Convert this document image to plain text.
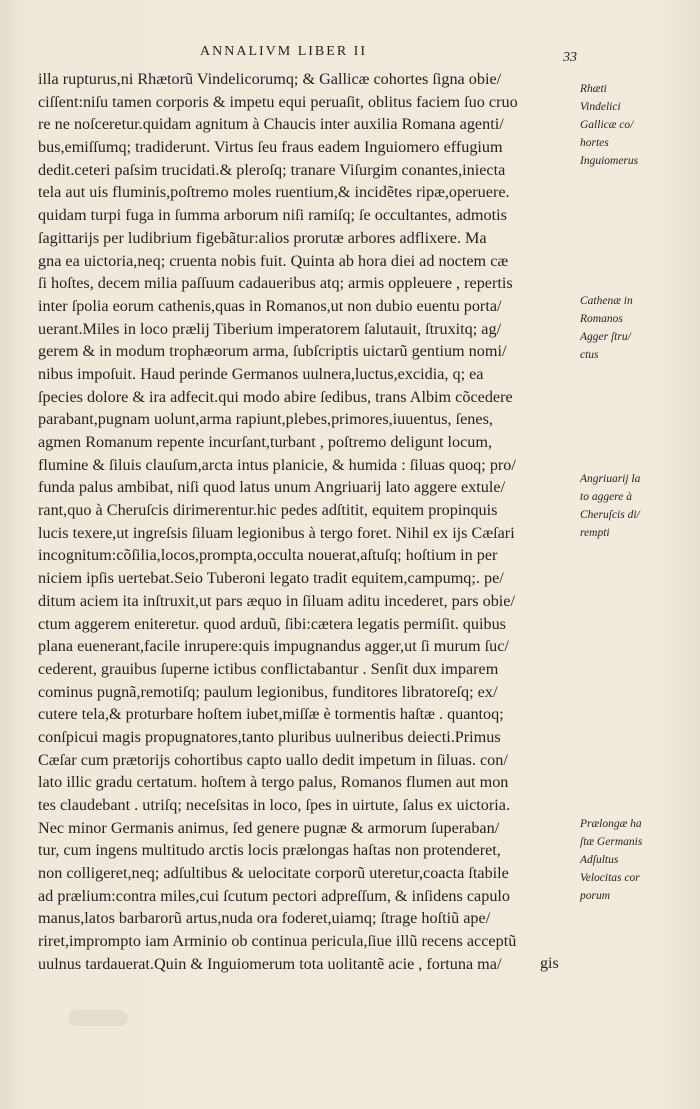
ANNALIVM LIBER II	33
illa rupturus,ni Rhætorũ Vindelicorumq; & Gallicæ cohortes ſigna obie/
ciſſent:niſu tamen corporis & impetu equi peruaſit, oblitus faciem ſuo cruo
re ne noſceretur.quidam agnitum à Chaucis inter auxilia Romana agenti/
bus,emiſſumq; tradiderunt. Virtus ſeu fraus eadem Inguiomero effugium
dedit.ceteri paſsim trucidati.& pleroſq; tranare Viſurgim conantes,iniecta
tela aut uis fluminis,poſtremo moles ruentium,& incidẽtes ripæ,operuere.
quidam turpi fuga in ſumma arborum niſi ramiſq; ſe occultantes, admotis
ſagittarijs per ludibrium figebãtur:alios prorutæ arbores adflixere. Ma
gna ea uictoria,neq; cruenta nobis fuit. Quinta ab hora diei ad noctem cæ
ſi hoſtes, decem milia paſſuum cadaueribus atq; armis oppleuere , repertis
inter ſpolia eorum cathenis,quas in Romanos,ut non dubio euentu porta/
uerant.Miles in loco prælij Tiberium imperatorem ſalutauit, ſtruxitq; ag/
gerem & in modum trophæorum arma, ſubſcriptis uictarũ gentium nomi/
nibus impoſuit. Haud perinde Germanos uulnera,luctus,excidia, q; ea
ſpecies dolore & ira adfecit.qui modo abire ſedibus, trans Albim cõcedere
parabant,pugnam uolunt,arma rapiunt,plebes,primores,iuuentus, ſenes,
agmen Romanum repente incurſant,turbant , poſtremo deligunt locum,
flumine & ſiluis clauſum,arcta intus planicie, & humida : ſiluas quoq; pro/
funda palus ambibat, niſi quod latus unum Angriuarij lato aggere extule/
rant,quo à Cheruſcis dirimerentur.hic pedes adſtitit, equitem propinquis
lucis texere,ut ingreſsis ſiluam legionibus à tergo foret. Nihil ex ijs Cæſari
incognitum:cõſilia,locos,prompta,occulta nouerat,aſtuſq; hoſtium in per
niciem ipſis uertebat.Seio Tuberoni legato tradit equitem,campumq;. pe/
ditum aciem ita inſtruxit,ut pars æquo in ſiluam aditu incederet, pars obie/
ctum aggerem eniteretur. quod arduũ, ſibi:cætera legatis permiſit. quibus
plana euenerant,facile inrupere:quis impugnandus agger,ut ſi murum ſuc/
cederent, grauibus ſuperne ictibus conflictabantur . Senſit dux imparem
cominus pugnã,remotiſq; paulum legionibus, funditores libratoreſq; ex/
cutere tela,& proturbare hoſtem iubet,miſſæ è tormentis haſtæ . quantoq;
conſpicui magis propugnatores,tanto pluribus uulneribus deiecti.Primus
Cæſar cum prætorijs cohortibus capto uallo dedit impetum in ſiluas. con/
lato illic gradu certatum. hoſtem à tergo palus, Romanos flumen aut mon
tes claudebant . utriſq; neceſsitas in loco, ſpes in uirtute, ſalus ex uictoria.
Nec minor Germanis animus, ſed genere pugnæ & armorum ſuperaban/
tur, cum ingens multitudo arctis locis prælongas haſtas non protenderet,
non colligeret,neq; adſultibus & uelocitate corporũ uteretur,coacta ſtabile
ad prælium:contra miles,cui ſcutum pectori adpreſſum, & inſidens capulo
manus,latos barbarorũ artus,nuda ora foderet,uiamq; ſtrage hoſtiũ ape/
riret,imprompto iam Arminio ob continua pericula,ſiue illũ recens acceptũ
uulnus tardauerat.Quin & Inguiomerum tota uolitantẽ acie , fortuna ma/	gis
Rhæti
Vindelici
Gallicæ co/
hortes
Inguiomerus
Cathenæ in
Romanos
Agger ſtru/
ctus
Angriuarij la
to aggere à
Cheruſcis di/
rempti
Prælongæ ha
ſtæ Germanis
Adſultus
Velocitas cor
porum
